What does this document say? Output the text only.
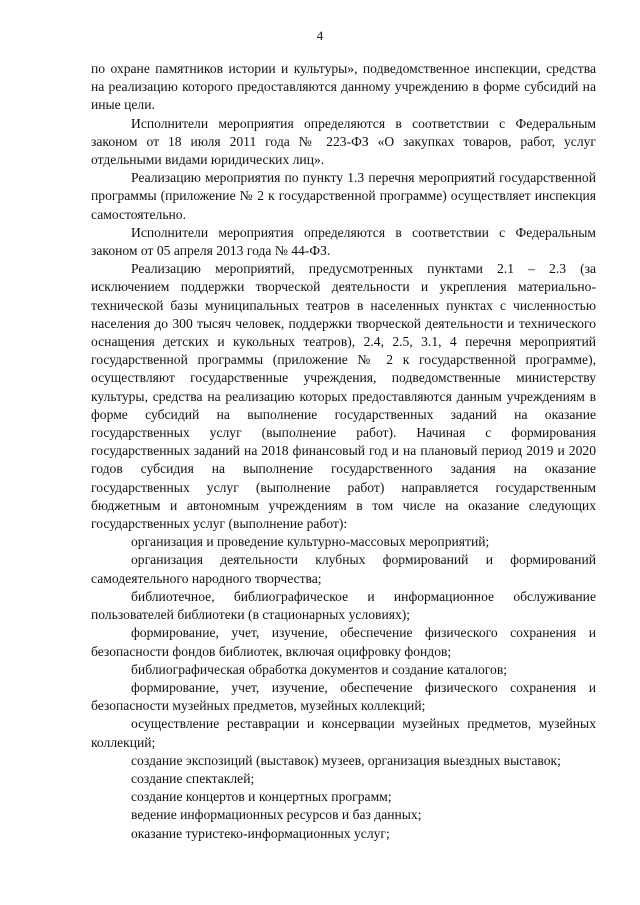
4

по охране памятников истории и культуры», подведомственное инспекции, средства на реализацию которого предоставляются данному учреждению в форме субсидий на иные цели.

Исполнители мероприятия определяются в соответствии с Федеральным законом от 18 июля 2011 года № 223-ФЗ «О закупках товаров, работ, услуг отдельными видами юридических лиц».

Реализацию мероприятия по пункту 1.3 перечня мероприятий государственной программы (приложение № 2 к государственной программе) осуществляет инспекция самостоятельно.

Исполнители мероприятия определяются в соответствии с Федеральным законом от 05 апреля 2013 года № 44-ФЗ.

Реализацию мероприятий, предусмотренных пунктами 2.1 – 2.3 (за исключением поддержки творческой деятельности и укрепления материально-технической базы муниципальных театров в населенных пунктах с численностью населения до 300 тысяч человек, поддержки творческой деятельности и технического оснащения детских и кукольных театров), 2.4, 2.5, 3.1, 4 перечня мероприятий государственной программы (приложение № 2 к государственной программе), осуществляют государственные учреждения, подведомственные министерству культуры, средства на реализацию которых предоставляются данным учреждениям в форме субсидий на выполнение государственных заданий на оказание государственных услуг (выполнение работ). Начиная с формирования государственных заданий на 2018 финансовый год и на плановый период 2019 и 2020 годов субсидия на выполнение государственного задания на оказание государственных услуг (выполнение работ) направляется государственным бюджетным и автономным учреждениям в том числе на оказание следующих государственных услуг (выполнение работ):

организация и проведение культурно-массовых мероприятий;

организация деятельности клубных формирований и формирований самодеятельного народного творчества;

библиотечное, библиографическое и информационное обслуживание пользователей библиотеки (в стационарных условиях);

формирование, учет, изучение, обеспечение физического сохранения и безопасности фондов библиотек, включая оцифровку фондов;

библиографическая обработка документов и создание каталогов;

формирование, учет, изучение, обеспечение физического сохранения и безопасности музейных предметов, музейных коллекций;

осуществление реставрации и консервации музейных предметов, музейных коллекций;

создание экспозиций (выставок) музеев, организация выездных выставок;

создание спектаклей;

создание концертов и концертных программ;

ведение информационных ресурсов и баз данных;

оказание туристеко-информационных услуг;
